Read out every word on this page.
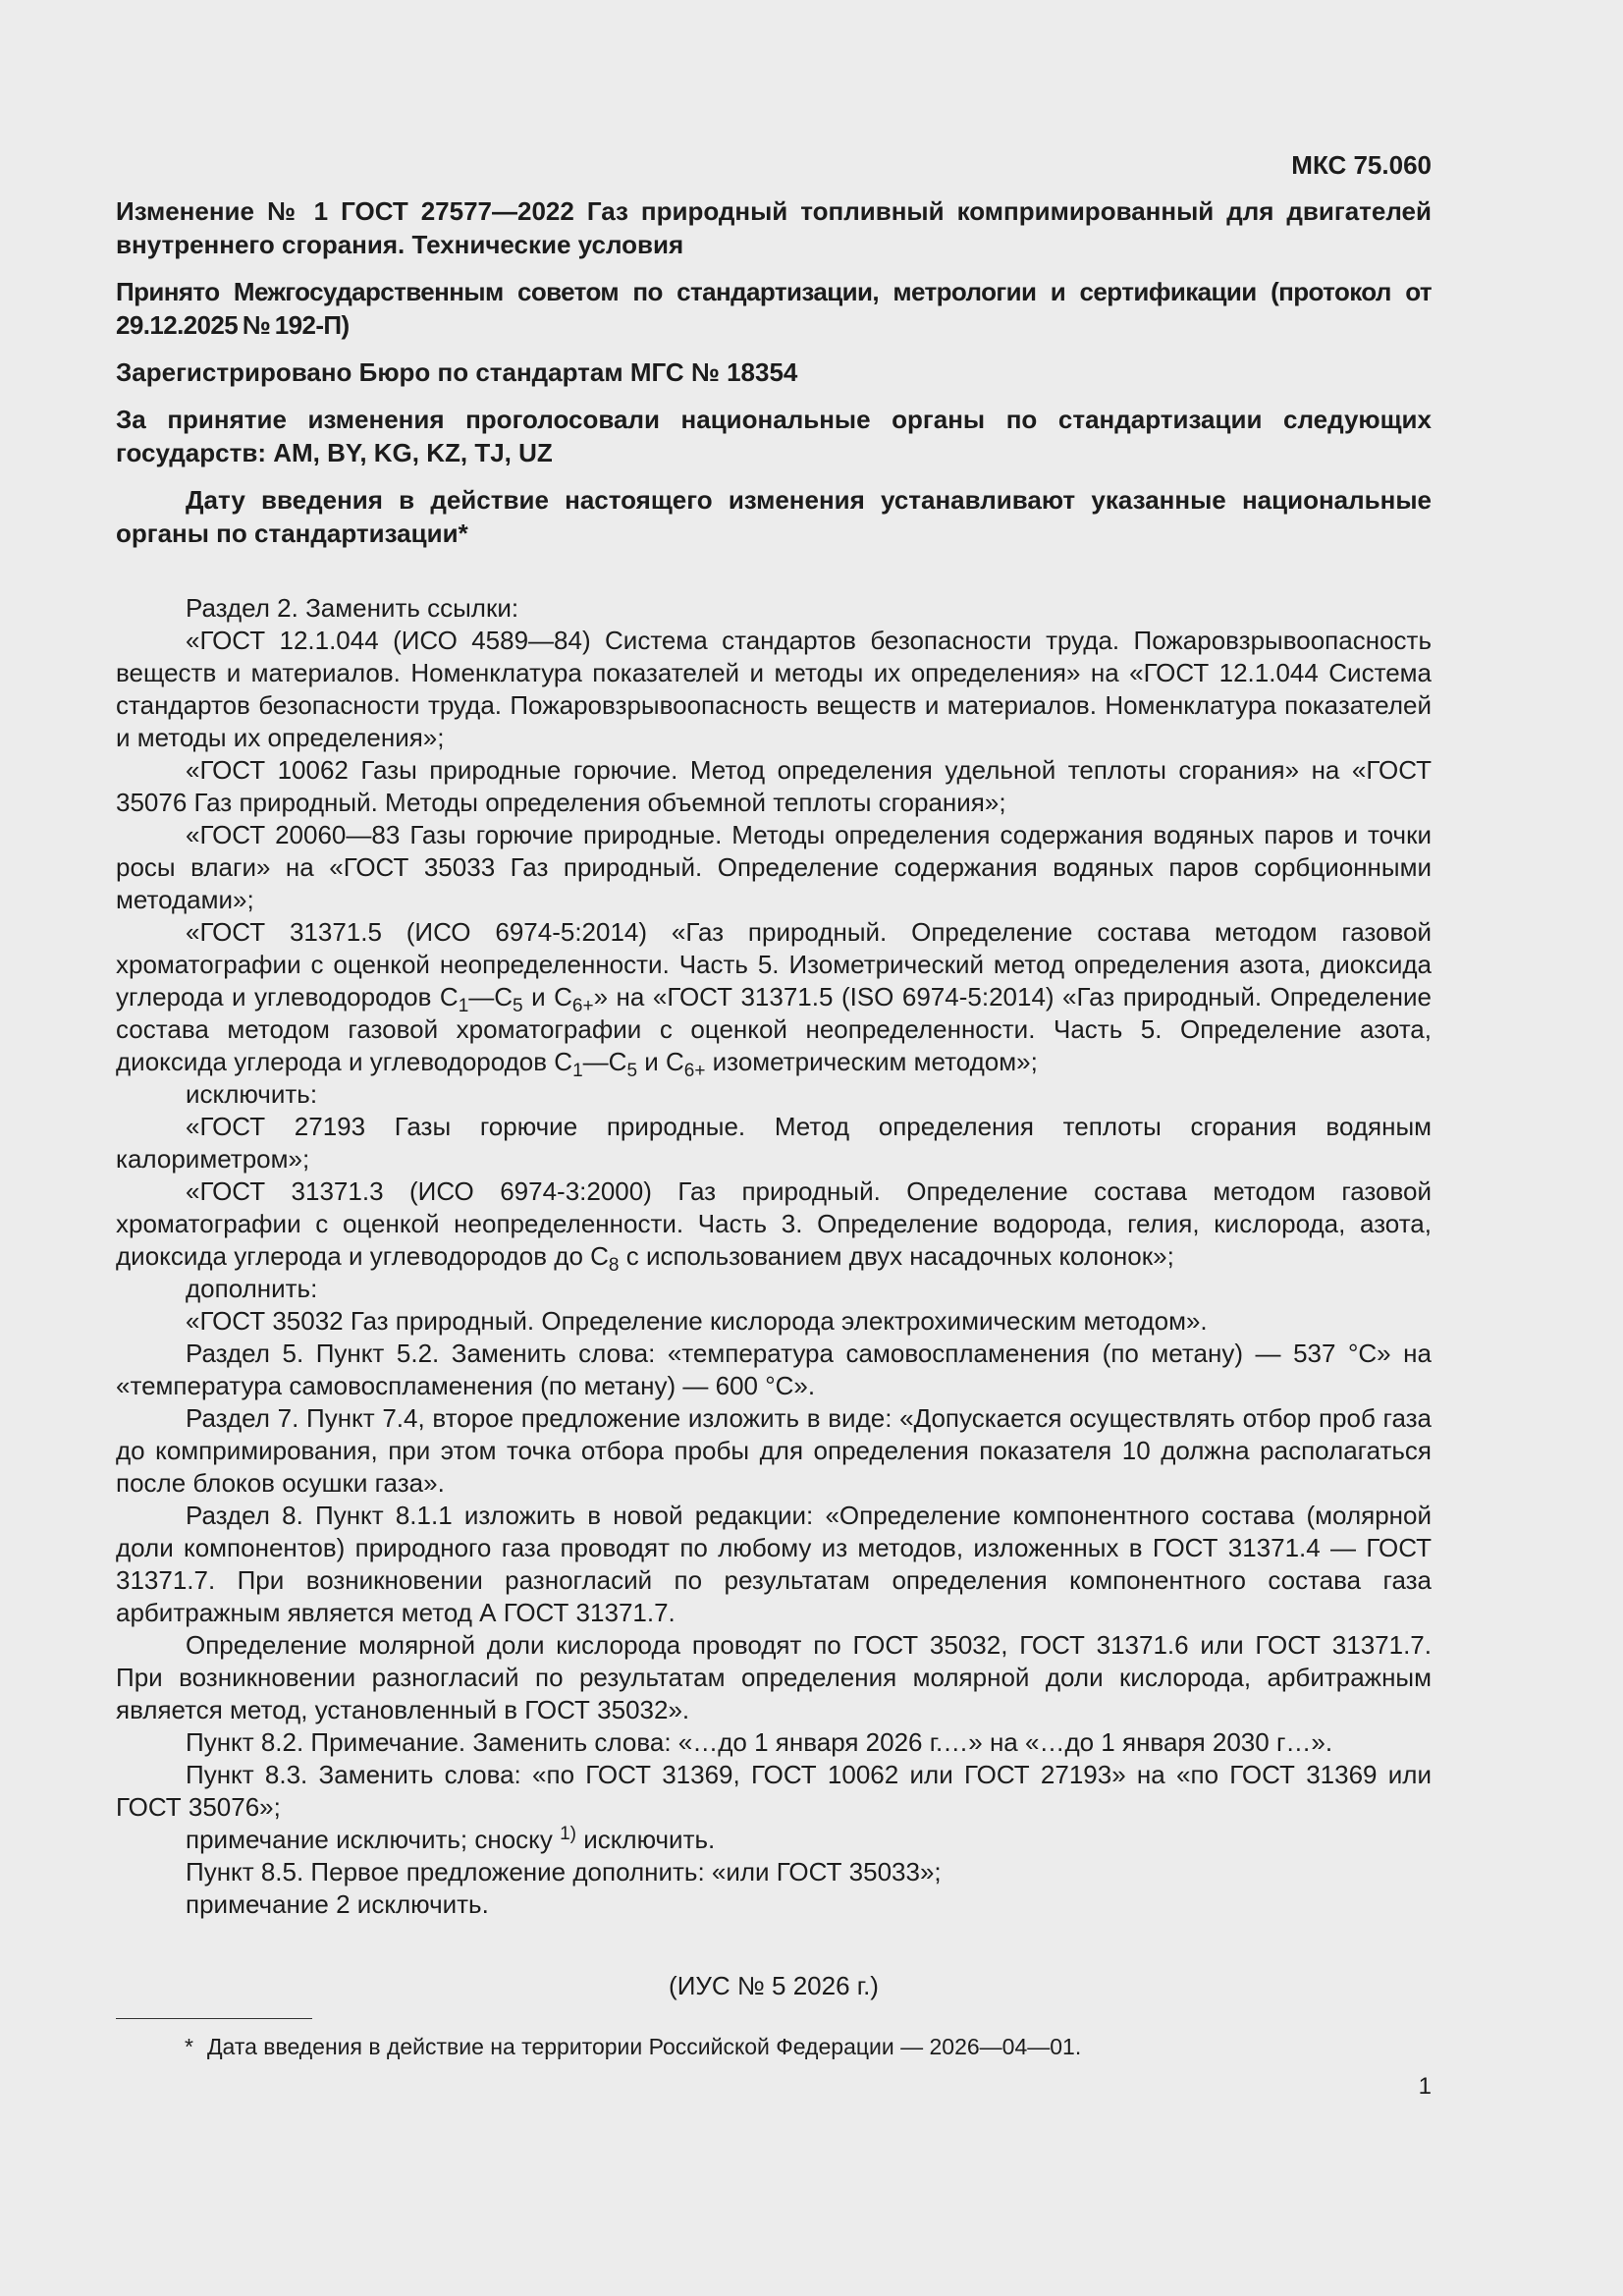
МКС 75.060

Изменение № 1 ГОСТ 27577—2022 Газ природный топливный компримированный для двигателей внутреннего сгорания. Технические условия

Принято Межгосударственным советом по стандартизации, метрологии и сертификации (протокол от 29.12.2025 № 192-П)

Зарегистрировано Бюро по стандартам МГС № 18354

За принятие изменения проголосовали национальные органы по стандартизации следующих государств: AM, BY, KG, KZ, TJ, UZ

Дату введения в действие настоящего изменения устанавливают указанные национальные органы по стандартизации*

Раздел 2. Заменить ссылки:

«ГОСТ 12.1.044 (ИСО 4589—84) Система стандартов безопасности труда. Пожаровзрывоопасность веществ и материалов. Номенклатура показателей и методы их определения» на «ГОСТ 12.1.044 Система стандартов безопасности труда. Пожаровзрывоопасность веществ и материалов. Номенклатура показателей и методы их определения»;

«ГОСТ 10062 Газы природные горючие. Метод определения удельной теплоты сгорания» на «ГОСТ 35076 Газ природный. Методы определения объемной теплоты сгорания»;

«ГОСТ 20060—83 Газы горючие природные. Методы определения содержания водяных паров и точки росы влаги» на «ГОСТ 35033 Газ природный. Определение содержания водяных паров сорбционными методами»;

«ГОСТ 31371.5 (ИСО 6974-5:2014) «Газ природный. Определение состава методом газовой хроматографии с оценкой неопределенности. Часть 5. Изометрический метод определения азота, диоксида углерода и углеводородов $C_1—C_5$ и $C_{6+}$» на «ГОСТ 31371.5 (ISO 6974-5:2014) «Газ природный. Определение состава методом газовой хроматографии с оценкой неопределенности. Часть 5. Определение азота, диоксида углерода и углеводородов $C_1—C_5$ и $C_{6+}$ изометрическим методом»;

исключить:

«ГОСТ 27193 Газы горючие природные. Метод определения теплоты сгорания водяным калориметром»;

«ГОСТ 31371.3 (ИСО 6974-3:2000) Газ природный. Определение состава методом газовой хроматографии с оценкой неопределенности. Часть 3. Определение водорода, гелия, кислорода, азота, диоксида углерода и углеводородов до $C_8$ с использованием двух насадочных колонок»;

дополнить:

«ГОСТ 35032 Газ природный. Определение кислорода электрохимическим методом».

Раздел 5. Пункт 5.2. Заменить слова: «температура самовоспламенения (по метану) — 537 °С» на «температура самовоспламенения (по метану) — 600 °С».

Раздел 7. Пункт 7.4, второе предложение изложить в виде: «Допускается осуществлять отбор проб газа до компримирования, при этом точка отбора пробы для определения показателя 10 должна располагаться после блоков осушки газа».

Раздел 8. Пункт 8.1.1 изложить в новой редакции: «Определение компонентного состава (молярной доли компонентов) природного газа проводят по любому из методов, изложенных в ГОСТ 31371.4 — ГОСТ 31371.7. При возникновении разногласий по результатам определения компонентного состава газа арбитражным является метод А ГОСТ 31371.7.

Определение молярной доли кислорода проводят по ГОСТ 35032, ГОСТ 31371.6 или ГОСТ 31371.7. При возникновении разногласий по результатам определения молярной доли кислорода, арбитражным является метод, установленный в ГОСТ 35032».

Пункт 8.2. Примечание. Заменить слова: «…до 1 января 2026 г.…» на «…до 1 января 2030 г…».

Пункт 8.3. Заменить слова: «по ГОСТ 31369, ГОСТ 10062 или ГОСТ 27193» на «по ГОСТ 31369 или ГОСТ 35076»;

примечание исключить; сноску $^{1)}$ исключить.

Пункт 8.5. Первое предложение дополнить: «или ГОСТ 35033»;

примечание 2 исключить.

(ИУС № 5 2026 г.)
* Дата введения в действие на территории Российской Федерации — 2026—04—01.
1
